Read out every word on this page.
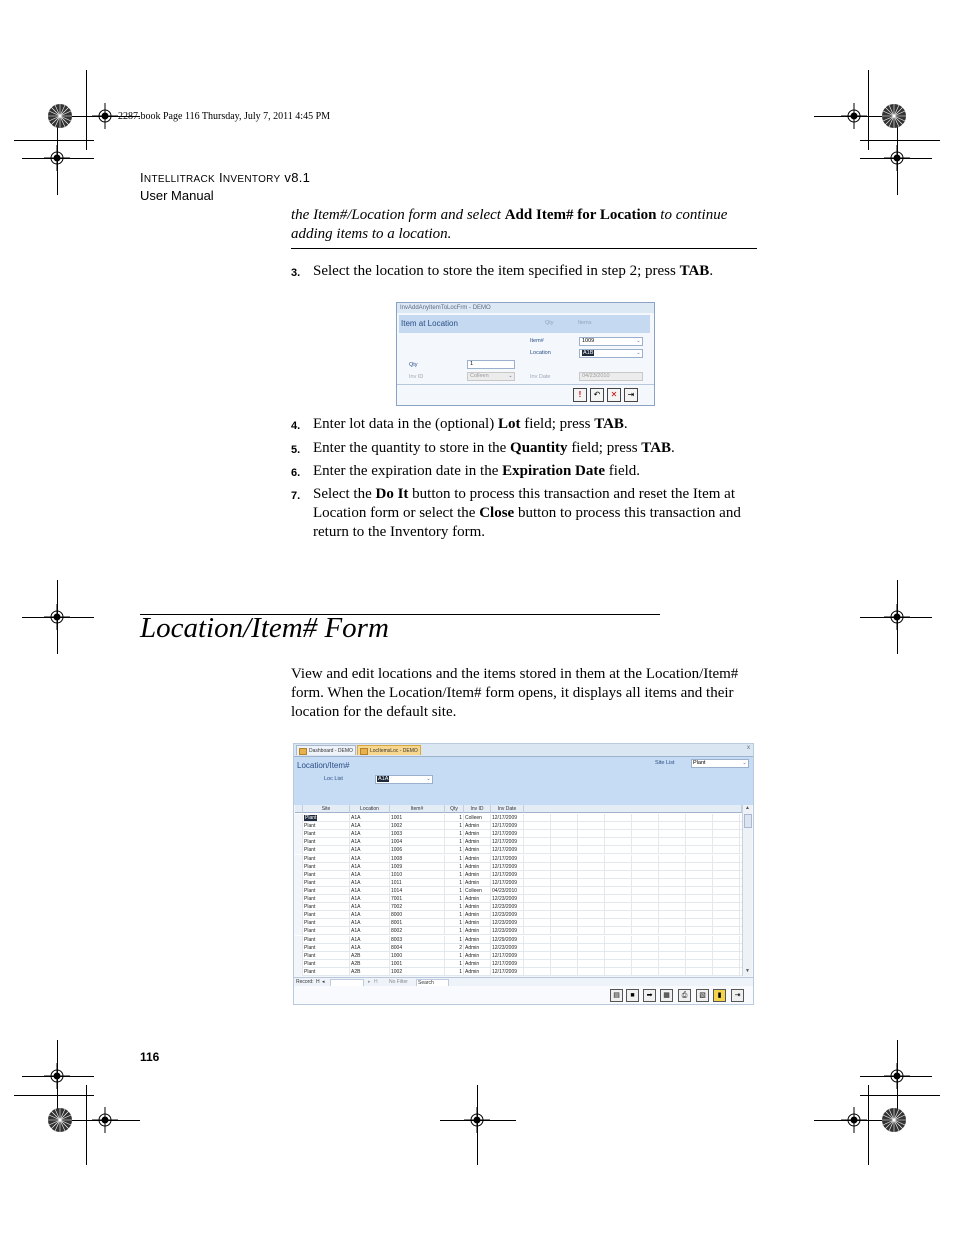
2287.book Page 116 Thursday, July 7, 2011 4:45 PM
INTELLITRACK INVENTORY v8.1
User Manual
the Item#/Location form and select Add Item# for Location to continue adding items to a location.
3. Select the location to store the item specified in step 2; press TAB.
InvAddAnyItemToLocFrm - DEMO
Item at Location	Qty	Items
Item#	1009	⌄
Location	A1B	⌄
Qty	1
Inv ID	Colleen	⌄	Inv Date	04/23/2010
!	↶	✕	⇥
4. Enter lot data in the (optional) Lot field; press TAB.
5. Enter the quantity to store in the Quantity field; press TAB.
6. Enter the expiration date in the Expiration Date field.
7. Select the Do It button to process this transaction and reset the Item at Location form or select the Close button to process this transaction and return to the Inventory form.
Location/Item# Form
View and edit locations and the items stored in them at the Location/Item# form. When the Location/Item# form opens, it displays all items and their location for the default site.
Dashboard - DEMO	LocItemsLoc - DEMO	x
Location/Item#
Loc List	A1A	⌄
Site List	Plant	⌄
Site	Location	Item#	Qty	Inv ID	Inv Date
Plant	A1A	1001	1 Colleen	12/17/2009
Plant	A1A	1002	1 Admin	12/17/2009
Plant	A1A	1003	1 Admin	12/17/2009
Plant	A1A	1004	1 Admin	12/17/2009
Plant	A1A	1006	1 Admin	12/17/2009
Plant	A1A	1008	1 Admin	12/17/2009
Plant	A1A	1009	1 Admin	12/17/2009
Plant	A1A	1010	1 Admin	12/17/2009
Plant	A1A	1011	1 Admin	12/17/2009
Plant	A1A	1014	1 Colleen	04/23/2010
Plant	A1A	7001	1 Admin	12/23/2009
Plant	A1A	7002	1 Admin	12/23/2009
Plant	A1A	8000	1 Admin	12/23/2009
Plant	A1A	8001	1 Admin	12/23/2009
Plant	A1A	8002	1 Admin	12/23/2009
Plant	A1A	8003	1 Admin	12/29/2009
Plant	A1A	8004	2 Admin	12/23/2009
Plant	A2B	1000	1 Admin	12/17/2009
Plant	A2B	1001	1 Admin	12/17/2009
Plant	A2B	1002	1 Admin	12/17/2009
▲
▼
Record: H ◂	▸ H No Filter	Search
▤	■	➡	▦	⎙	▧	▮	⇥
116
